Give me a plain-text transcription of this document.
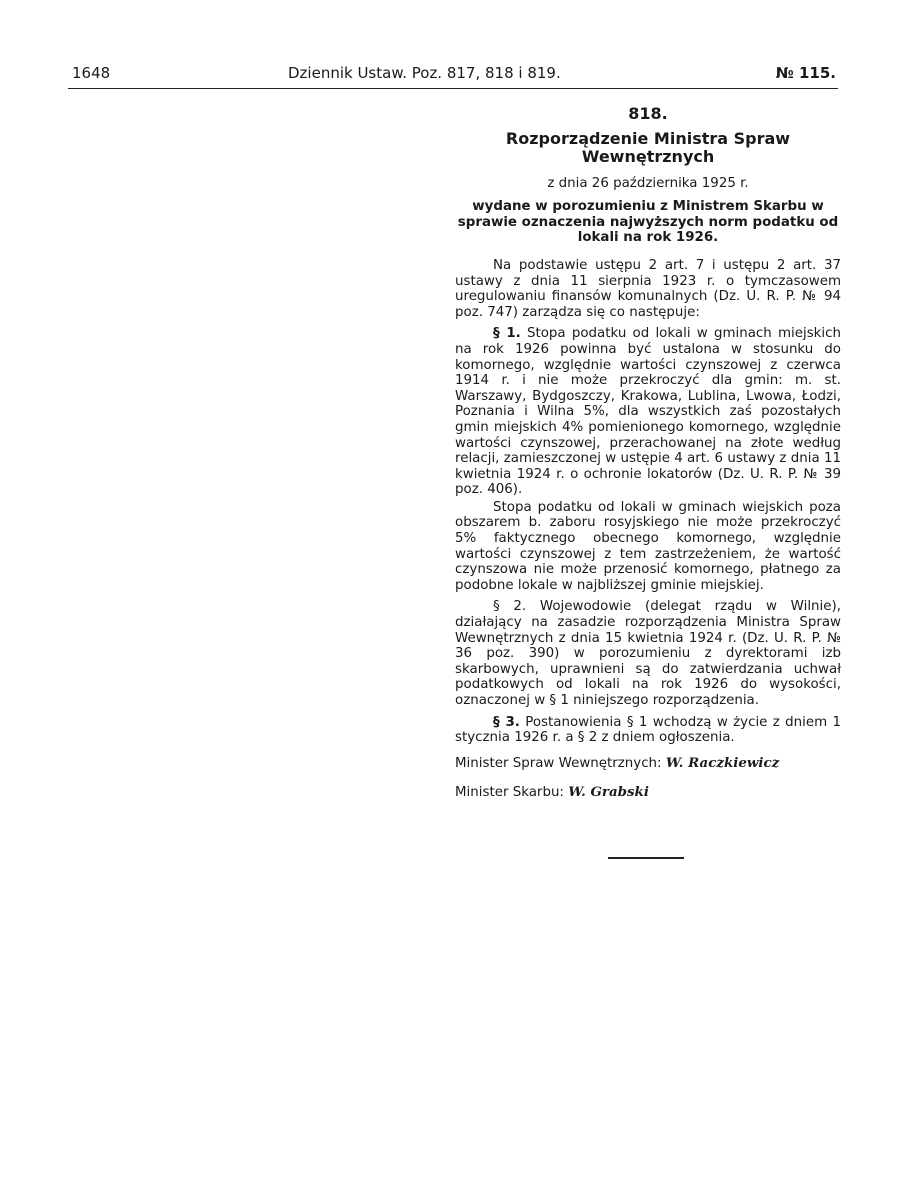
1648	Dziennik Ustaw. Poz. 817, 818 i 819.	№ 115.
818.
Rozporządzenie Ministra Spraw Wewnętrznych
z dnia 26 października 1925 r.
wydane w porozumieniu z Ministrem Skarbu w sprawie oznaczenia najwyższych norm podatku od lokali na rok 1926.

Na podstawie ustępu 2 art. 7 i ustępu 2 art. 37 ustawy z dnia 11 sierpnia 1923 r. o tymczasowem uregulowaniu finansów komunalnych (Dz. U. R. P. № 94 poz. 747) zarządza się co następuje:

§ 1. Stopa podatku od lokali w gminach miejskich na rok 1926 powinna być ustalona w stosunku do komornego, względnie wartości czynszowej z czerwca 1914 r. i nie może przekroczyć dla gmin: m. st. Warszawy, Bydgoszczy, Krakowa, Lublina, Lwowa, Łodzi, Poznania i Wilna 5%, dla wszystkich zaś pozostałych gmin miejskich 4% pomienionego komornego, względnie wartości czynszowej, przerachowanej na złote według relacji, zamieszczonej w ustępie 4 art. 6 ustawy z dnia 11 kwietnia 1924 r. o ochronie lokatorów (Dz. U. R. P. № 39 poz. 406).

Stopa podatku od lokali w gminach wiejskich poza obszarem b. zaboru rosyjskiego nie może przekroczyć 5% faktycznego obecnego komornego, względnie wartości czynszowej z tem zastrzeżeniem, że wartość czynszowa nie może przenosić komornego, płatnego za podobne lokale w najbliższej gminie miejskiej.

§ 2. Wojewodowie (delegat rządu w Wilnie), działający na zasadzie rozporządzenia Ministra Spraw Wewnętrznych z dnia 15 kwietnia 1924 r. (Dz. U. R. P. № 36 poz. 390) w porozumieniu z dyrektorami izb skarbowych, uprawnieni są do zatwierdzania uchwał podatkowych od lokali na rok 1926 do wysokości, oznaczonej w § 1 niniejszego rozporządzenia.

§ 3. Postanowienia § 1 wchodzą w życie z dniem 1 stycznia 1926 r. a § 2 z dniem ogłoszenia.

Minister Spraw Wewnętrznych: W. Raczkiewicz
Minister Skarbu: W. Grabski
